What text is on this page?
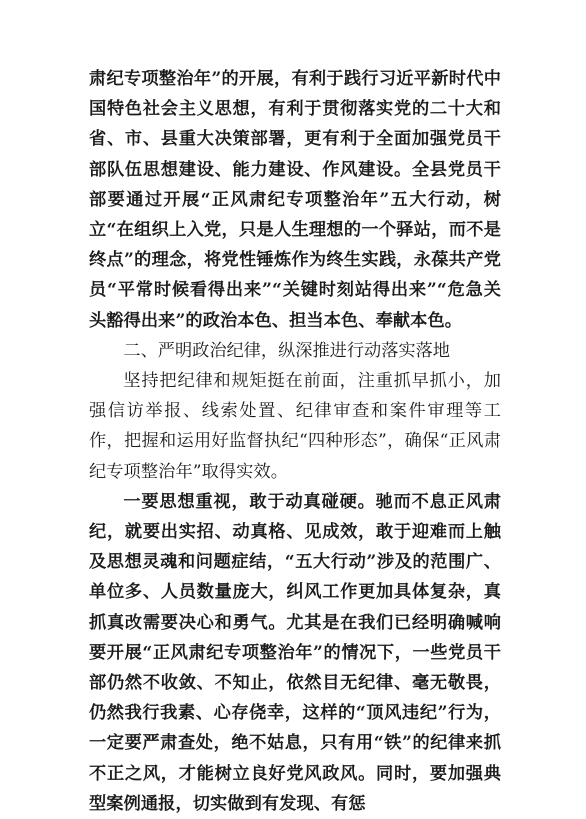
肃纪专项整治年”的开展，有利于践行习近平新时代中国特色社会主义思想，有利于贯彻落实党的二十大和省、市、县重大决策部署，更有利于全面加强党员干部队伍思想建设、能力建设、作风建设。全县党员干部要通过开展“正风肃纪专项整治年”五大行动，树立“在组织上入党，只是人生理想的一个驿站，而不是终点”的理念，将党性锤炼作为终生实践，永葆共产党员“平常时候看得出来”“关键时刻站得出来”“危急关头豁得出来”的政治本色、担当本色、奉献本色。

二、严明政治纪律，纵深推进行动落实落地

坚持把纪律和规矩挺在前面，注重抓早抓小，加强信访举报、线索处置、纪律审查和案件审理等工作，把握和运用好监督执纪“四种形态”，确保“正风肃纪专项整治年”取得实效。

一要思想重视，敢于动真碰硬。驰而不息正风肃纪，就要出实招、动真格、见成效，敢于迎难而上触及思想灵魂和问题症结，“五大行动”涉及的范围广、单位多、人员数量庞大，纠风工作更加具体复杂，真抓真改需要决心和勇气。尤其是在我们已经明确喊响要开展“正风肃纪专项整治年”的情况下，一些党员干部仍然不收敛、不知止，依然目无纪律、毫无敬畏，仍然我行我素、心存侥幸，这样的“顶风违纪”行为，一定要严肃查处，绝不姑息，只有用“铁”的纪律来抓不正之风，才能树立良好党风政风。同时，要加强典型案例通报，切实做到有发现、有惩
